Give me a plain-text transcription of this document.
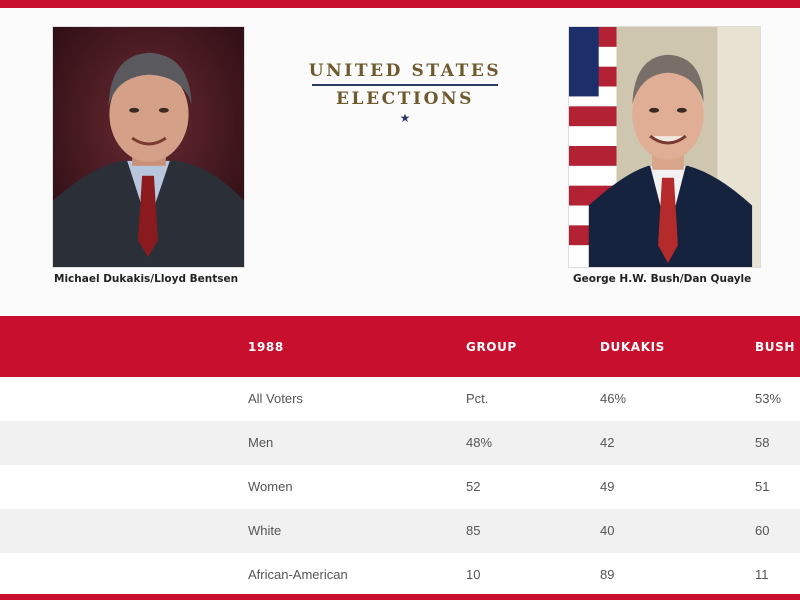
UNITED STATES
ELECTIONS
★
Michael Dukakis/Lloyd Bentsen	George H.W. Bush/Dan Quayle
1988	GROUP	DUKAKIS	BUSH
All Voters	Pct.	46%	53%
Men	48%	42	58
Women	52	49	51
White	85	40	60
African-American	10	89	11
